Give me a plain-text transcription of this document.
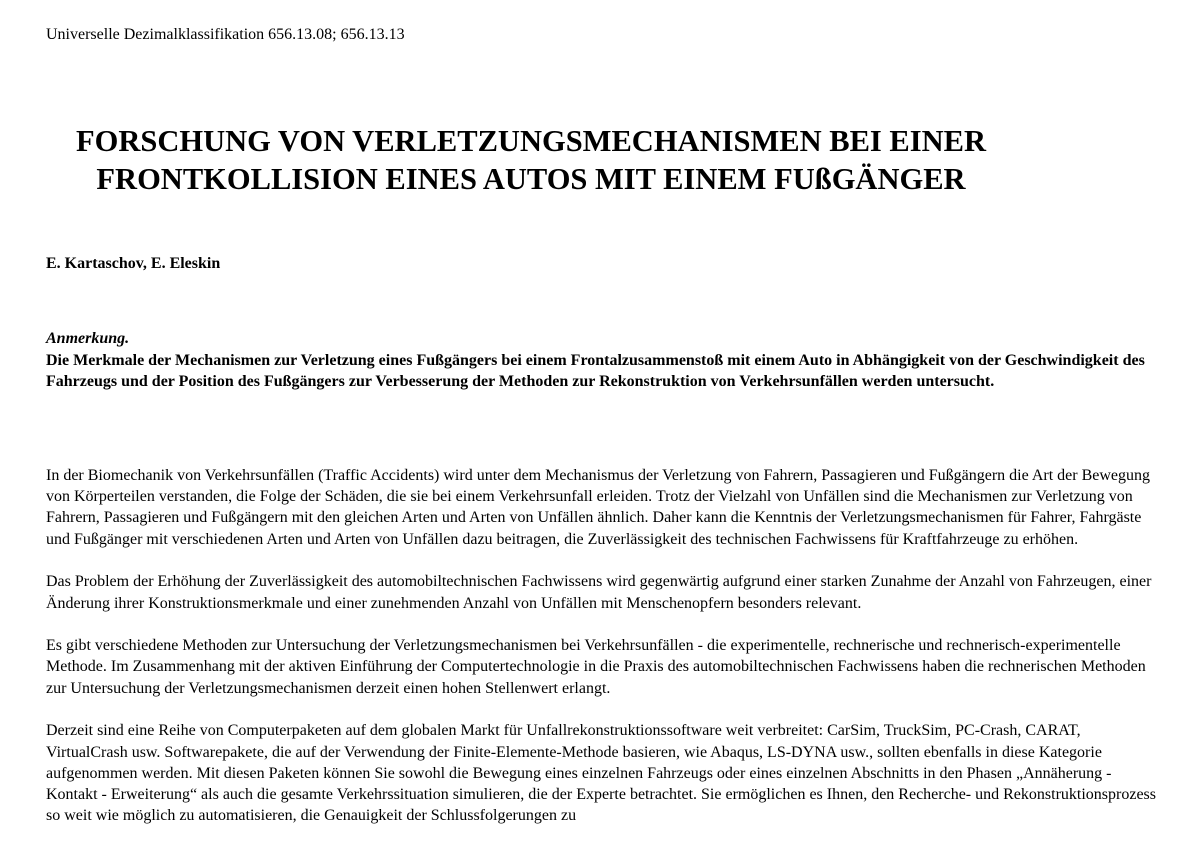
Universelle Dezimalklassifikation 656.13.08; 656.13.13
FORSCHUNG VON VERLETZUNGSMECHANISMEN BEI EINER
FRONTKOLLISION EINES AUTOS MIT EINEM FUßGÄNGER
E. Kartaschov, E. Eleskin
Anmerkung.
Die Merkmale der Mechanismen zur Verletzung eines Fußgängers bei einem Frontalzusammenstoß mit einem Auto in Abhängigkeit von der Geschwindigkeit des Fahrzeugs und der Position des Fußgängers zur Verbesserung der Methoden zur Rekonstruktion von Verkehrsunfällen werden untersucht.

In der Biomechanik von Verkehrsunfällen (Traffic Accidents) wird unter dem Mechanismus der Verletzung von Fahrern, Passagieren und Fußgängern die Art der Bewegung von Körperteilen verstanden, die Folge der Schäden, die sie bei einem Verkehrsunfall erleiden. Trotz der Vielzahl von Unfällen sind die Mechanismen zur Verletzung von Fahrern, Passagieren und Fußgängern mit den gleichen Arten und Arten von Unfällen ähnlich. Daher kann die Kenntnis der Verletzungsmechanismen für Fahrer, Fahrgäste und Fußgänger mit verschiedenen Arten und Arten von Unfällen dazu beitragen, die Zuverlässigkeit des technischen Fachwissens für Kraftfahrzeuge zu erhöhen.

Das Problem der Erhöhung der Zuverlässigkeit des automobiltechnischen Fachwissens wird gegenwärtig aufgrund einer starken Zunahme der Anzahl von Fahrzeugen, einer Änderung ihrer Konstruktionsmerkmale und einer zunehmenden Anzahl von Unfällen mit Menschenopfern besonders relevant.

Es gibt verschiedene Methoden zur Untersuchung der Verletzungsmechanismen bei Verkehrsunfällen - die experimentelle, rechnerische und rechnerisch-experimentelle Methode. Im Zusammenhang mit der aktiven Einführung der Computertechnologie in die Praxis des automobiltechnischen Fachwissens haben die rechnerischen Methoden zur Untersuchung der Verletzungsmechanismen derzeit einen hohen Stellenwert erlangt.

Derzeit sind eine Reihe von Computerpaketen auf dem globalen Markt für Unfallrekonstruktionssoftware weit verbreitet: CarSim, TruckSim, PC-Crash, CARAT, VirtualCrash usw. Softwarepakete, die auf der Verwendung der Finite-Elemente-Methode basieren, wie Abaqus, LS-DYNA usw., sollten ebenfalls in diese Kategorie aufgenommen werden. Mit diesen Paketen können Sie sowohl die Bewegung eines einzelnen Fahrzeugs oder eines einzelnen Abschnitts in den Phasen „Annäherung - Kontakt - Erweiterung“ als auch die gesamte Verkehrssituation simulieren, die der Experte betrachtet. Sie ermöglichen es Ihnen, den Recherche- und Rekonstruktionsprozess so weit wie möglich zu automatisieren, die Genauigkeit der Schlussfolgerungen zu
